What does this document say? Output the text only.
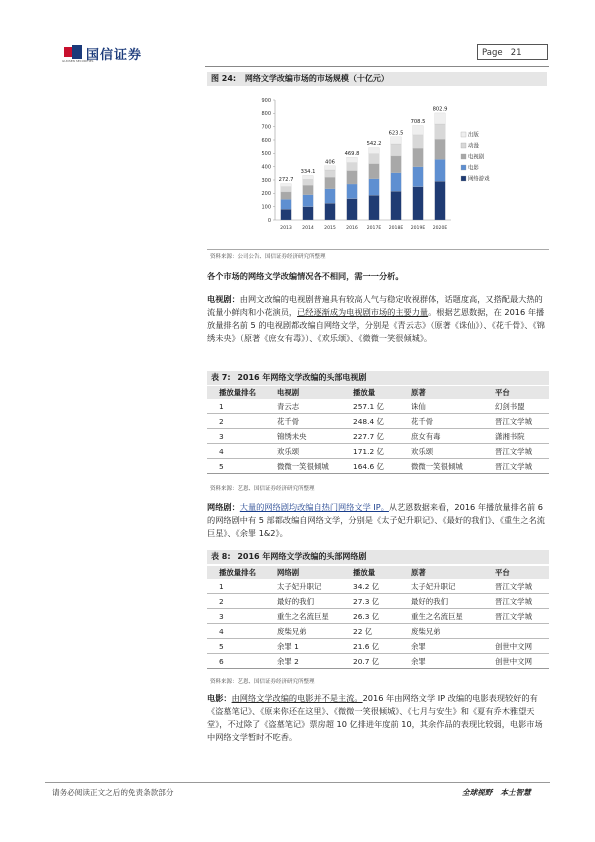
国信证券
GUOSEN SECURITIES
Page 21
图 24: 网络文学改编市场的市场规模（十亿元）
0
100
200
300
400
500
600
700
800
900
272.7
2013
334.1
2014
406
2015
469.8
2016
542.2
2017E
623.5
2018E
708.5
2019E
802.9
2020E
出版
动漫
电视剧
电影
网络游戏
资料来源：公司公告、国信证券经济研究所整理
各个市场的网络文学改编情况各不相同，需一一分析。
电视剧：由网文改编的电视剧普遍具有较高人气与稳定收视群体，话题度高，又搭配最大热的流量小鲜肉和小花演员，已经逐渐成为电视剧市场的主要力量。根据艺恩数据，在 2016 年播放量排名前 5 的电视剧都改编自网络文学，分别是《青云志》（原著《诛仙》）、《花千骨》、《锦绣未央》（原著《庶女有毒》）、《欢乐颂》、《微微一笑很倾城》。
表 7: 2016 年网络文学改编的头部电视剧
播放量排名	电视剧	播放量	原著	平台
1	青云志	257.1 亿	诛仙	幻剑书盟
2	花千骨	248.4 亿	花千骨	晋江文学城
3	锦绣未央	227.7 亿	庶女有毒	潇湘书院
4	欢乐颂	171.2 亿	欢乐颂	晋江文学城
5	微微一笑很倾城	164.6 亿	微微一笑很倾城	晋江文学城
资料来源：艺恩、国信证券经济研究所整理
网络剧：大量的网络剧均改编自热门网络文学 IP。从艺恩数据来看，2016 年播放量排名前 6 的网络剧中有 5 部都改编自网络文学，分别是《太子妃升职记》、《最好的我们》、《重生之名流巨星》、《余罪 1&2》。
表 8: 2016 年网络文学改编的头部网络剧
播放量排名	网络剧	播放量	原著	平台
1	太子妃升职记	34.2 亿	太子妃升职记	晋江文学城
2	最好的我们	27.3 亿	最好的我们	晋江文学城
3	重生之名流巨星	26.3 亿	重生之名流巨星	晋江文学城
4	废柴兄弟	22 亿	废柴兄弟	
5	余罪 1	21.6 亿	余罪	创世中文网
6	余罪 2	20.7 亿	余罪	创世中文网
资料来源：艺恩、国信证券经济研究所整理
电影：由网络文学改编的电影并不是主流。2016 年由网络文学 IP 改编的电影表现较好的有《盗墓笔记》、《原来你还在这里》、《微微一笑很倾城》、《七月与安生》和《夏有乔木雅望天堂》，不过除了《盗墓笔记》票房超 10 亿排进年度前 10，其余作品的表现比较弱，电影市场中网络文学暂时不吃香。
请务必阅读正文之后的免责条款部分	全球视野 本土智慧
